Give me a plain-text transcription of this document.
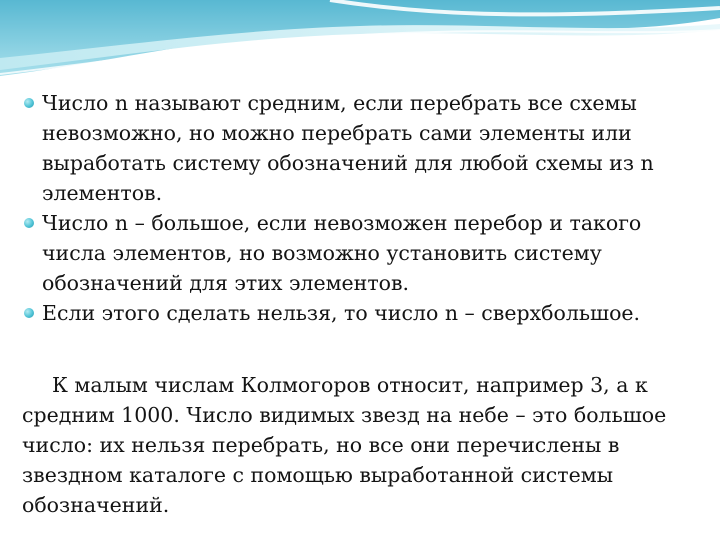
Число n называют средним, если перебрать все схемы невозможно, но можно перебрать сами элементы или выработать систему обозначений для любой схемы из n элементов.
Число n – большое, если невозможен перебор и такого числа элементов, но возможно установить систему обозначений для этих элементов.
Если этого сделать нельзя, то число n – сверхбольшое.
К малым числам Колмогоров относит, например 3, а к средним 1000. Число видимых звезд на небе – это большое число: их нельзя перебрать, но все они перечислены в звездном каталоге с помощью выработанной системы обозначений.
